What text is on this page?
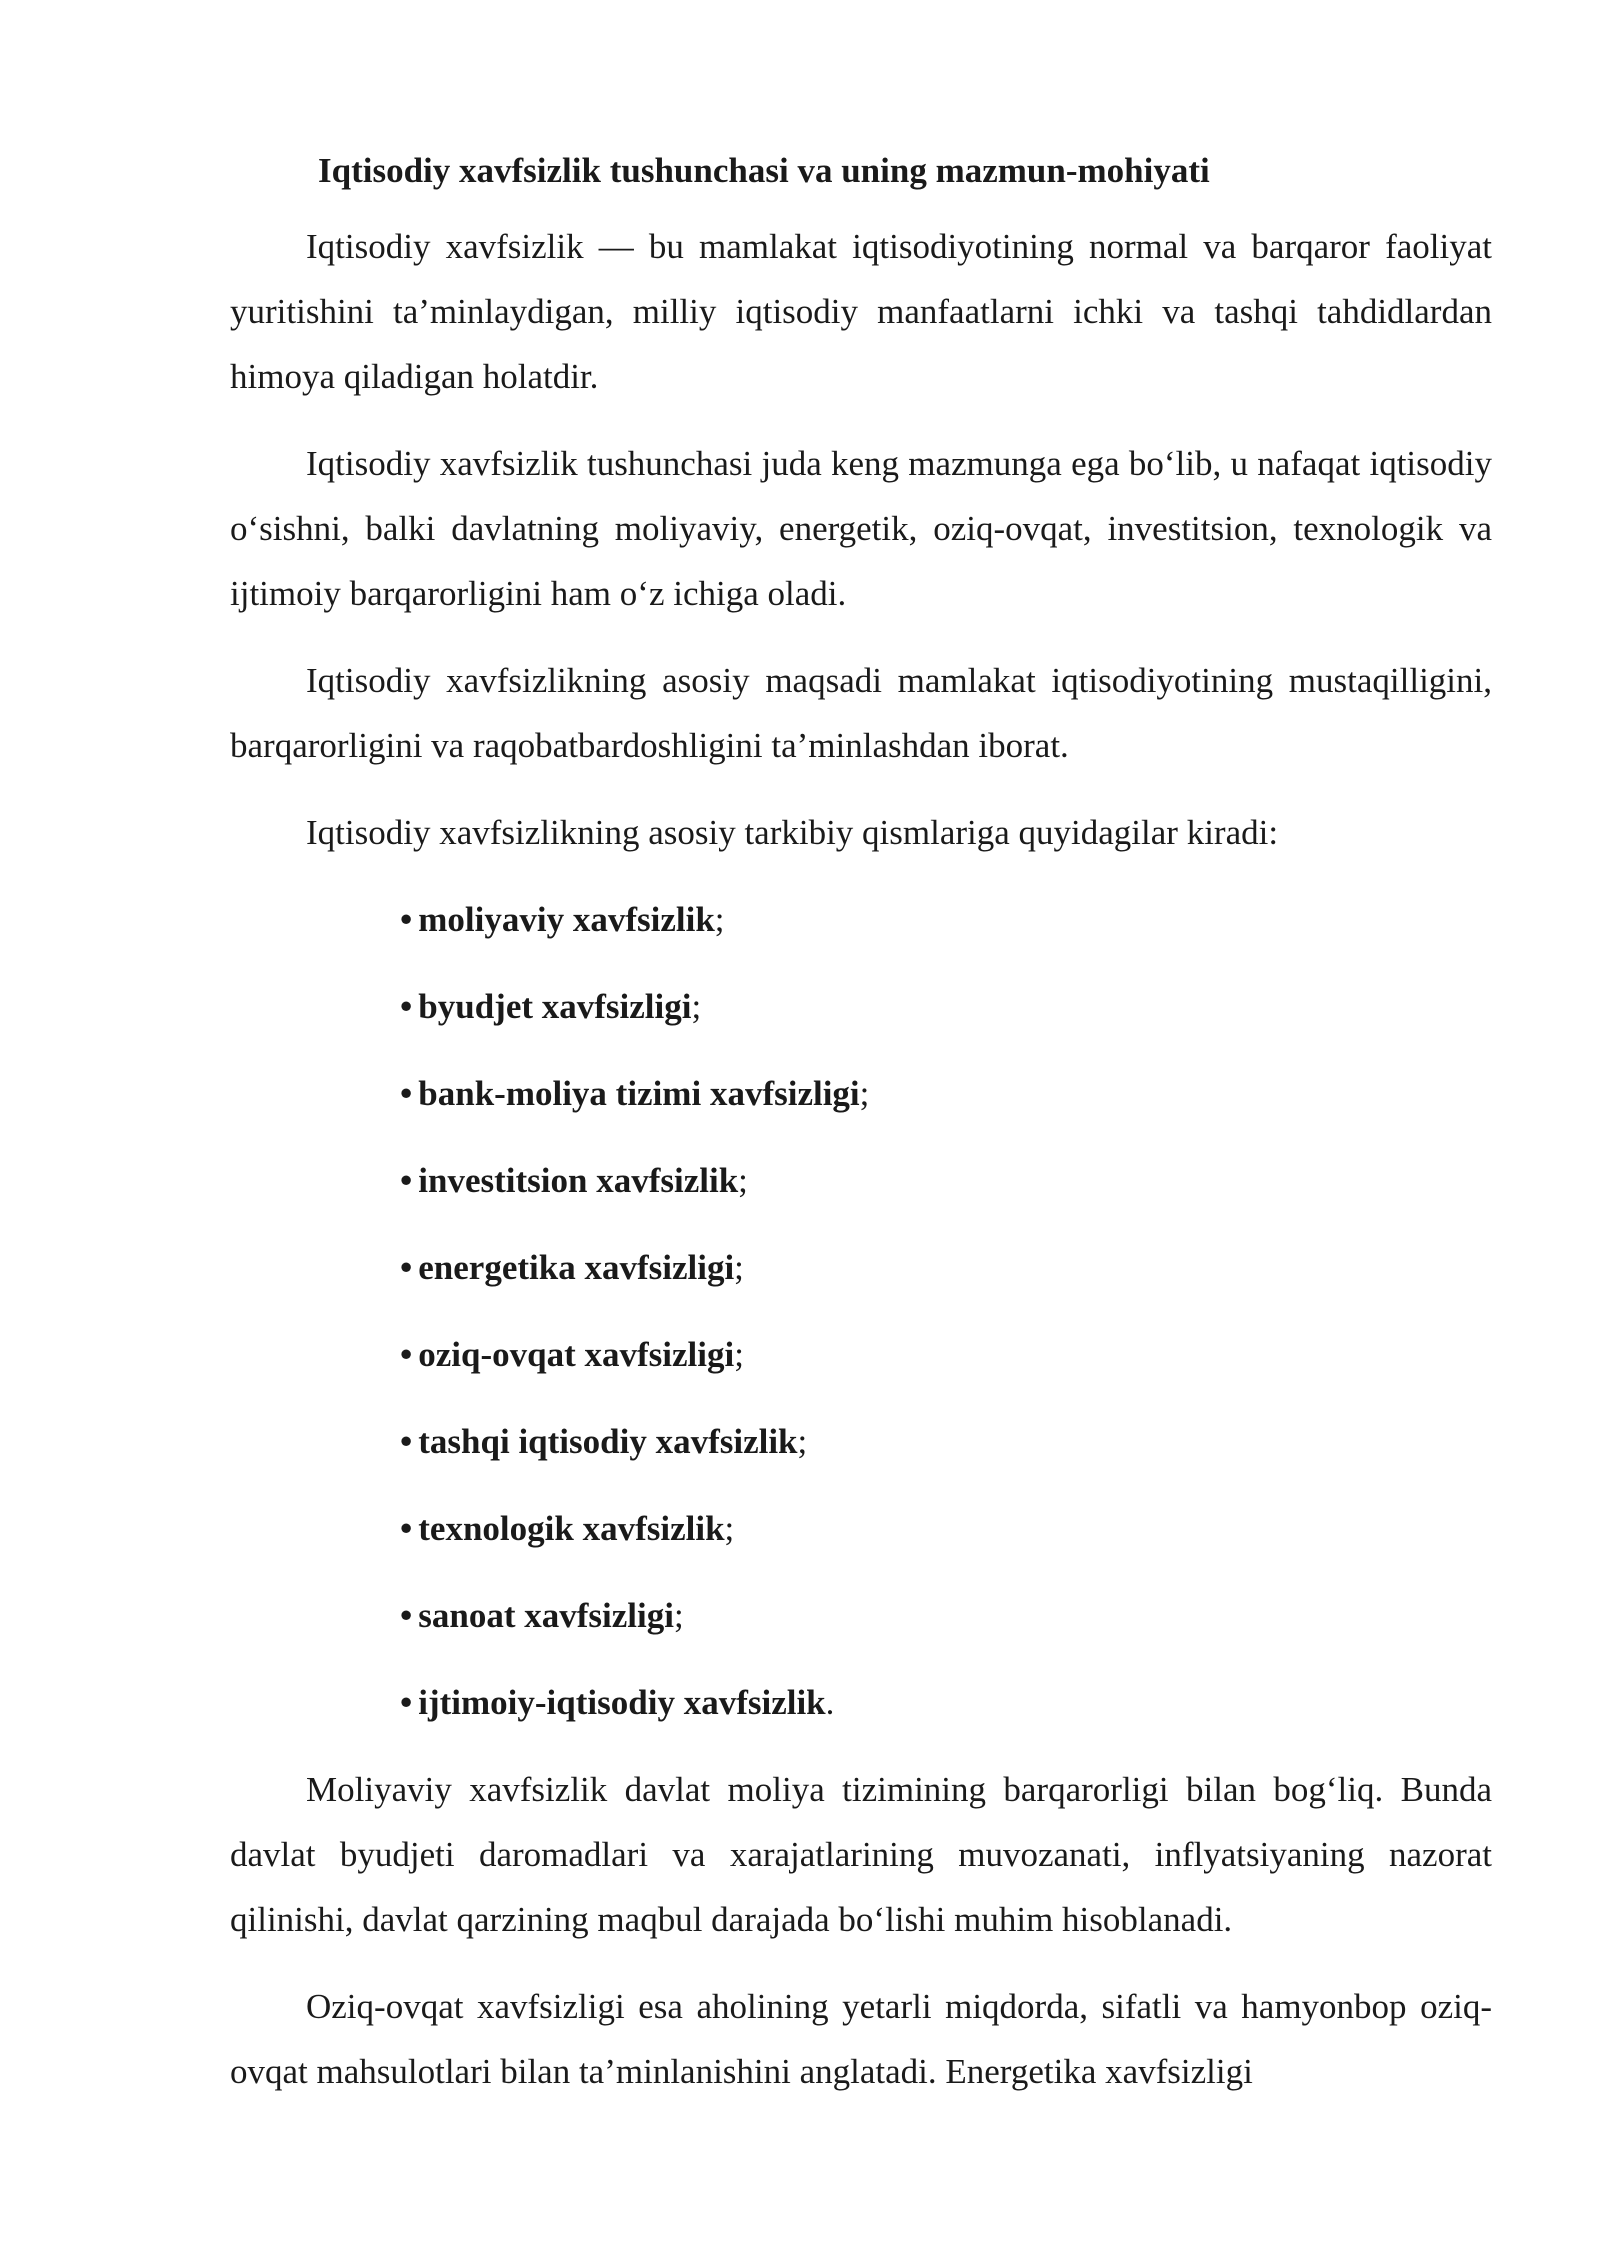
Iqtisodiy xavfsizlik tushunchasi va uning mazmun-mohiyati

Iqtisodiy xavfsizlik — bu mamlakat iqtisodiyotining normal va barqaror faoliyat yuritishini ta’minlaydigan, milliy iqtisodiy manfaatlarni ichki va tashqi tahdidlardan himoya qiladigan holatdir.

Iqtisodiy xavfsizlik tushunchasi juda keng mazmunga ega bo‘lib, u nafaqat iqtisodiy o‘sishni, balki davlatning moliyaviy, energetik, oziq-ovqat, investitsion, texnologik va ijtimoiy barqarorligini ham o‘z ichiga oladi.

Iqtisodiy xavfsizlikning asosiy maqsadi mamlakat iqtisodiyotining mustaqilligini, barqarorligini va raqobatbardoshligini ta’minlashdan iborat.

Iqtisodiy xavfsizlikning asosiy tarkibiy qismlariga quyidagilar kiradi:

• moliyaviy xavfsizlik;
• byudjet xavfsizligi;
• bank-moliya tizimi xavfsizligi;
• investitsion xavfsizlik;
• energetika xavfsizligi;
• oziq-ovqat xavfsizligi;
• tashqi iqtisodiy xavfsizlik;
• texnologik xavfsizlik;
• sanoat xavfsizligi;
• ijtimoiy-iqtisodiy xavfsizlik.

Moliyaviy xavfsizlik davlat moliya tizimining barqarorligi bilan bog‘liq. Bunda davlat byudjeti daromadlari va xarajatlarining muvozanati, inflyatsiyaning nazorat qilinishi, davlat qarzining maqbul darajada bo‘lishi muhim hisoblanadi.

Oziq-ovqat xavfsizligi esa aholining yetarli miqdorda, sifatli va hamyonbop oziq-ovqat mahsulotlari bilan ta’minlanishini anglatadi. Energetika xavfsizligi
